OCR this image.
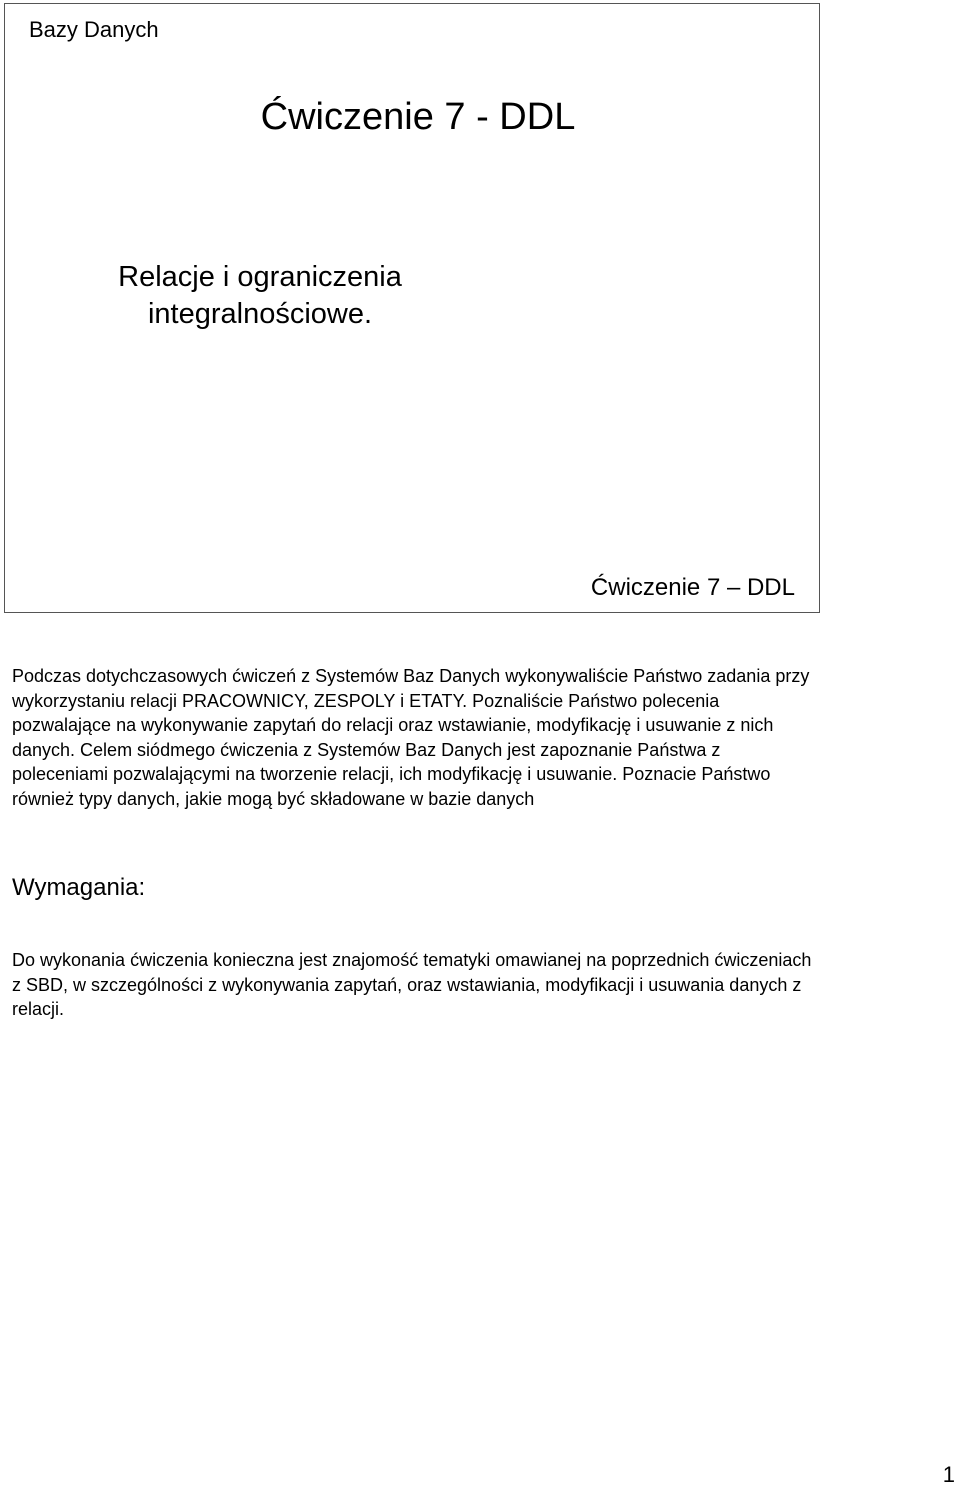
Bazy Danych
Ćwiczenie 7 - DDL
Relacje i ograniczenia integralnościowe.
Ćwiczenie 7 – DDL
Podczas dotychczasowych ćwiczeń z Systemów Baz Danych wykonywaliście Państwo zadania przy wykorzystaniu relacji PRACOWNICY, ZESPOLY i ETATY. Poznaliście Państwo polecenia pozwalające na wykonywanie zapytań do relacji oraz wstawianie, modyfikację i usuwanie z nich danych. Celem siódmego ćwiczenia z Systemów Baz Danych jest zapoznanie Państwa z poleceniami pozwalającymi na tworzenie relacji, ich modyfikację i usuwanie. Poznacie Państwo również typy danych, jakie mogą być składowane w bazie danych
Wymagania:
Do wykonania ćwiczenia konieczna jest znajomość tematyki omawianej na poprzednich ćwiczeniach z SBD, w szczególności z wykonywania zapytań, oraz wstawiania, modyfikacji i usuwania danych z relacji.
1
